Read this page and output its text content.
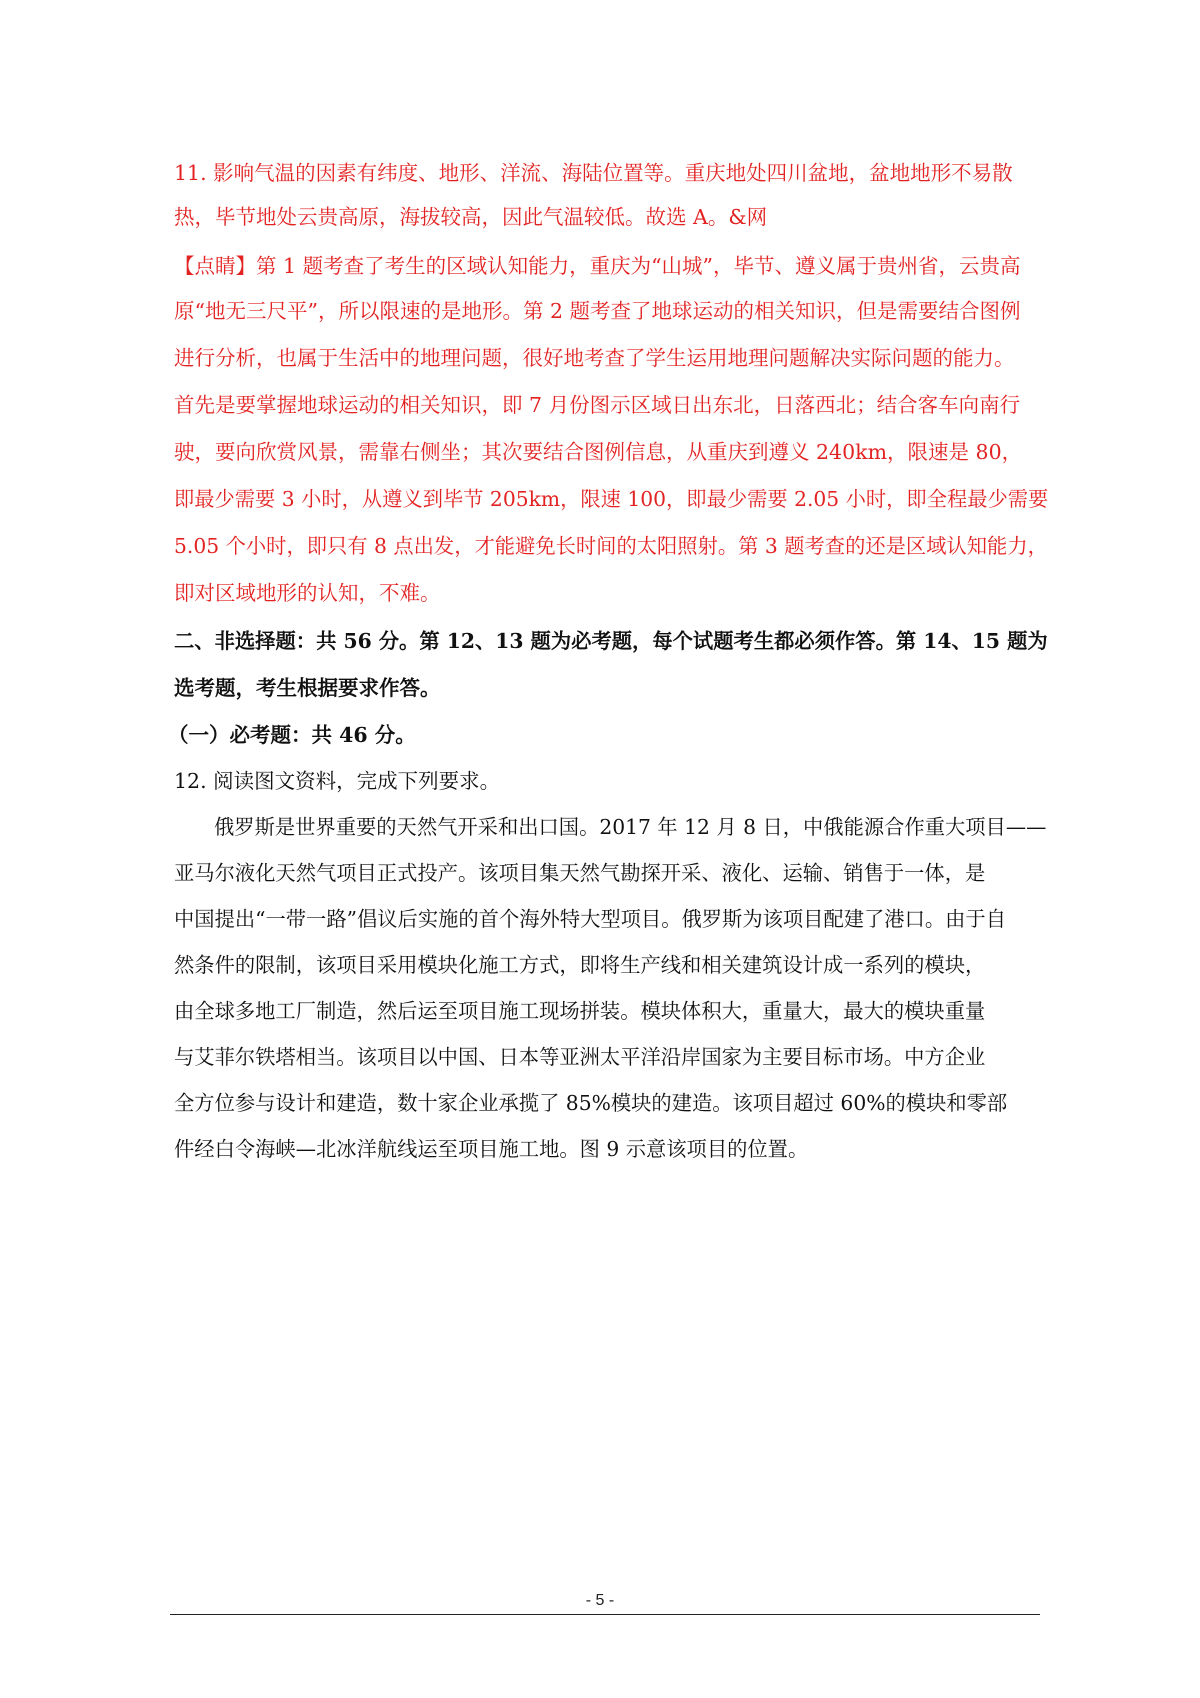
11. 影响气温的因素有纬度、地形、洋流、海陆位置等。重庆地处四川盆地，盆地地形不易散
热，毕节地处云贵高原，海拔较高，因此气温较低。故选 A。&网
【点睛】第 1 题考查了考生的区域认知能力，重庆为“山城”，毕节、遵义属于贵州省，云贵高
原“地无三尺平”，所以限速的是地形。第 2 题考查了地球运动的相关知识，但是需要结合图例
进行分析，也属于生活中的地理问题，很好地考查了学生运用地理问题解决实际问题的能力。
首先是要掌握地球运动的相关知识，即 7 月份图示区域日出东北，日落西北；结合客车向南行
驶，要向欣赏风景，需靠右侧坐；其次要结合图例信息，从重庆到遵义 240km，限速是 80，
即最少需要 3 小时，从遵义到毕节 205km，限速 100，即最少需要 2.05 小时，即全程最少需要
5.05 个小时，即只有 8 点出发，才能避免长时间的太阳照射。第 3 题考查的还是区域认知能力，
即对区域地形的认知，不难。
二、非选择题：共 56 分。第 12、13 题为必考题，每个试题考生都必须作答。第 14、15 题为
选考题，考生根据要求作答。
（一）必考题：共 46 分。
12. 阅读图文资料，完成下列要求。
俄罗斯是世界重要的天然气开采和出口国。2017 年 12 月 8 日，中俄能源合作重大项目——
亚马尔液化天然气项目正式投产。该项目集天然气勘探开采、液化、运输、销售于一体，是
中国提出“一带一路”倡议后实施的首个海外特大型项目。俄罗斯为该项目配建了港口。由于自
然条件的限制，该项目采用模块化施工方式，即将生产线和相关建筑设计成一系列的模块，
由全球多地工厂制造，然后运至项目施工现场拼装。模块体积大，重量大，最大的模块重量
与艾菲尔铁塔相当。该项目以中国、日本等亚洲太平洋沿岸国家为主要目标市场。中方企业
全方位参与设计和建造，数十家企业承揽了 85%模块的建造。该项目超过 60%的模块和零部
件经白令海峡—北冰洋航线运至项目施工地。图 9 示意该项目的位置。
- 5 -
